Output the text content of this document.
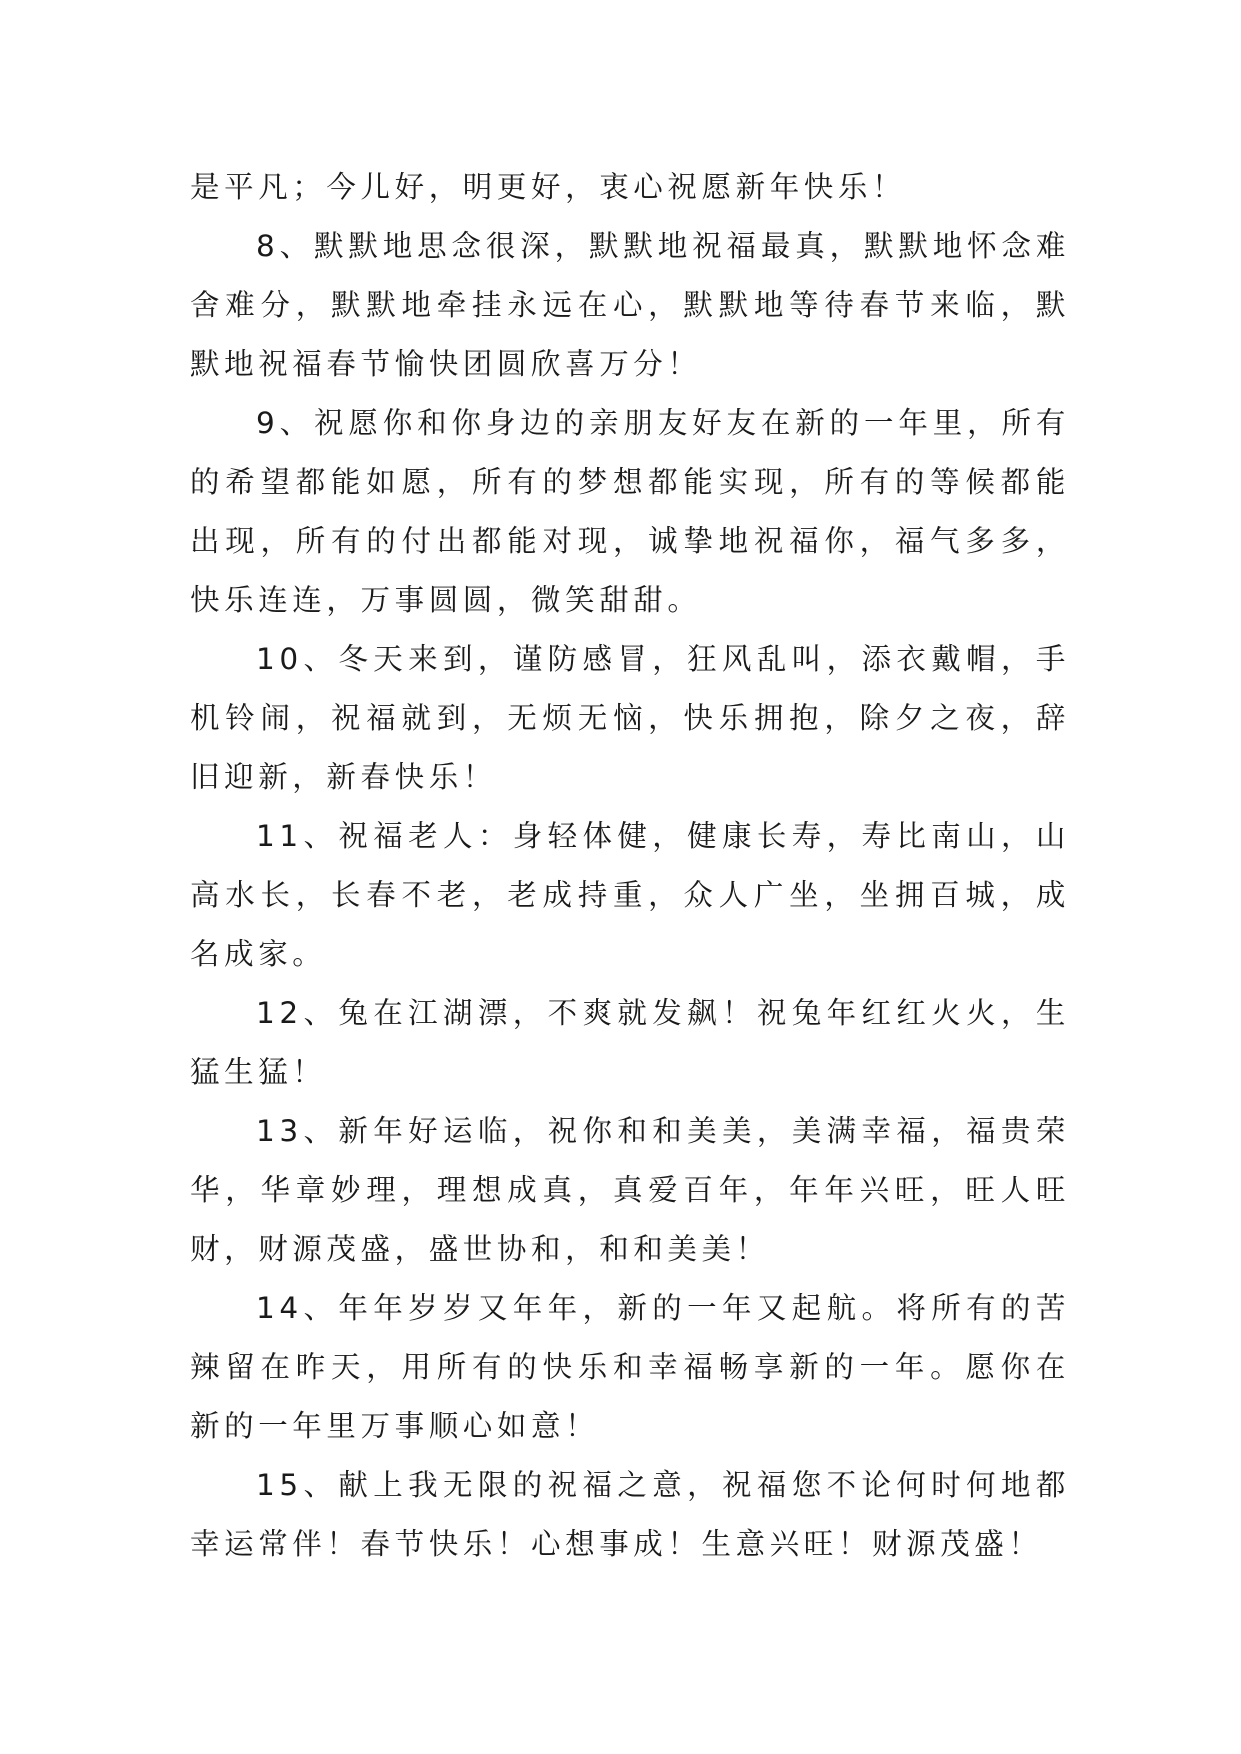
是平凡；今儿好，明更好，衷心祝愿新年快乐！

8、默默地思念很深，默默地祝福最真，默默地怀念难舍难分，默默地牵挂永远在心，默默地等待春节来临，默默地祝福春节愉快团圆欣喜万分！

9、祝愿你和你身边的亲朋友好友在新的一年里，所有的希望都能如愿，所有的梦想都能实现，所有的等候都能出现，所有的付出都能对现，诚挚地祝福你，福气多多，快乐连连，万事圆圆，微笑甜甜。

10、冬天来到，谨防感冒，狂风乱叫，添衣戴帽，手机铃闹，祝福就到，无烦无恼，快乐拥抱，除夕之夜，辞旧迎新，新春快乐！

11、祝福老人：身轻体健，健康长寿，寿比南山，山高水长，长春不老，老成持重，众人广坐，坐拥百城，成名成家。

12、兔在江湖漂，不爽就发飙！祝兔年红红火火，生猛生猛！

13、新年好运临，祝你和和美美，美满幸福，福贵荣华，华章妙理，理想成真，真爱百年，年年兴旺，旺人旺财，财源茂盛，盛世协和，和和美美！

14、年年岁岁又年年，新的一年又起航。将所有的苦辣留在昨天，用所有的快乐和幸福畅享新的一年。愿你在新的一年里万事顺心如意！

15、献上我无限的祝福之意，祝福您不论何时何地都幸运常伴！春节快乐！心想事成！生意兴旺！财源茂盛！
